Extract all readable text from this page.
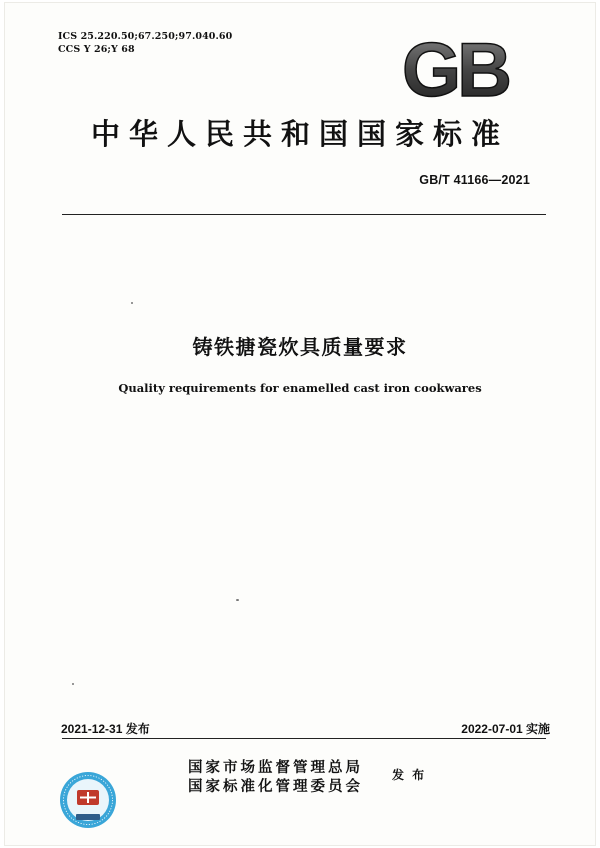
ICS 25.220.50;67.250;97.040.60
CCS Y 26;Y 68	GB
中华人民共和国国家标准
GB/T 41166—2021
铸铁搪瓷炊具质量要求
Quality requirements for enamelled cast iron cookwares
2021-12-31 发布	2022-07-01 实施
国家市场监督管理总局
国家标准化管理委员会
发 布
